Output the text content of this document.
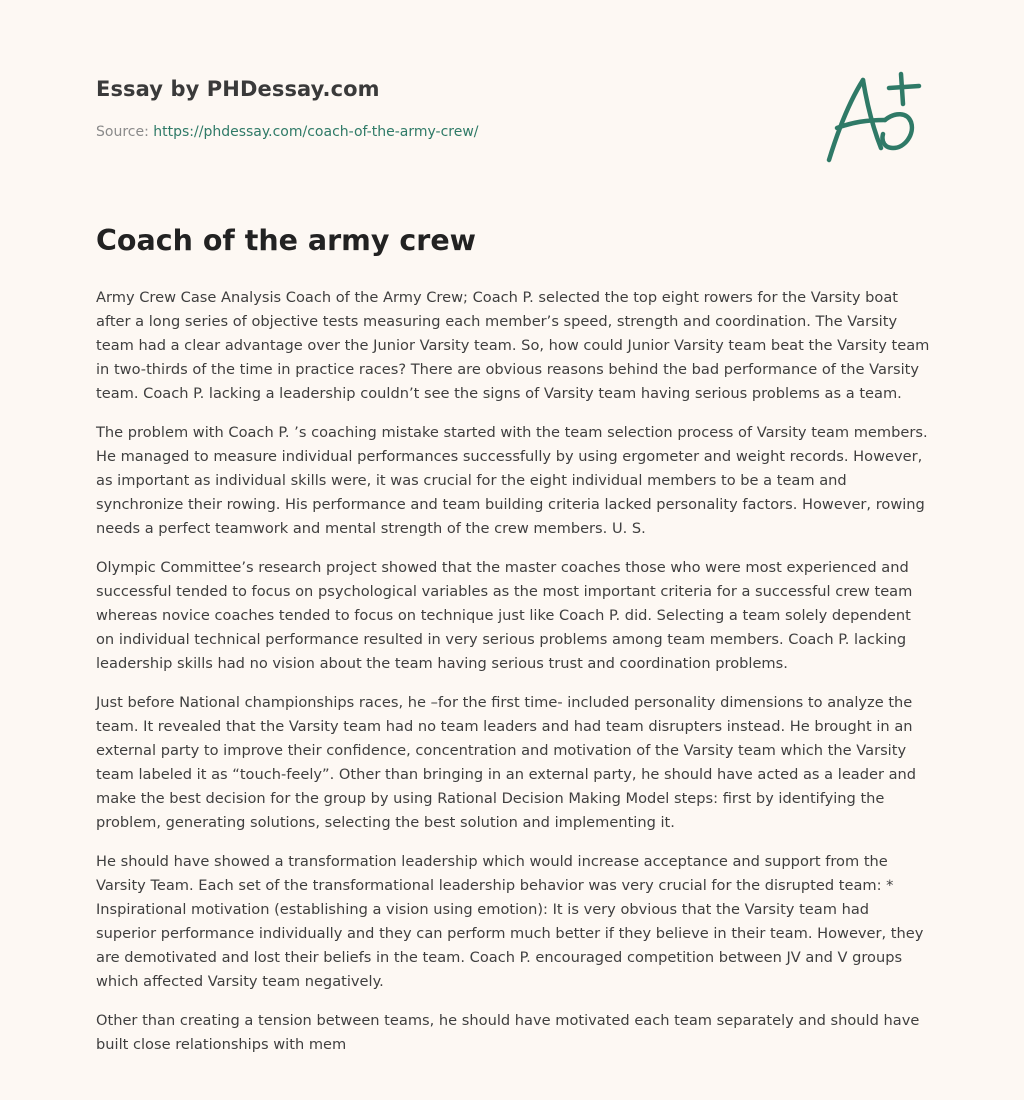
Essay by PHDessay.com
Source: https://phdessay.com/coach-of-the-army-crew/
Coach of the army crew

Army Crew Case Analysis Coach of the Army Crew; Coach P. selected the top eight rowers for the Varsity boat after a long series of objective tests measuring each member’s speed, strength and coordination. The Varsity team had a clear advantage over the Junior Varsity team. So, how could Junior Varsity team beat the Varsity team in two-thirds of the time in practice races? There are obvious reasons behind the bad performance of the Varsity team. Coach P. lacking a leadership couldn’t see the signs of Varsity team having serious problems as a team.

The problem with Coach P. ’s coaching mistake started with the team selection process of Varsity team members. He managed to measure individual performances successfully by using ergometer and weight records. However, as important as individual skills were, it was crucial for the eight individual members to be a team and synchronize their rowing. His performance and team building criteria lacked personality factors. However, rowing needs a perfect teamwork and mental strength of the crew members. U. S.

Olympic Committee’s research project showed that the master coaches those who were most experienced and successful tended to focus on psychological variables as the most important criteria for a successful crew team whereas novice coaches tended to focus on technique just like Coach P. did. Selecting a team solely dependent on individual technical performance resulted in very serious problems among team members. Coach P. lacking leadership skills had no vision about the team having serious trust and coordination problems.

Just before National championships races, he –for the first time- included personality dimensions to analyze the team. It revealed that the Varsity team had no team leaders and had team disrupters instead. He brought in an external party to improve their confidence, concentration and motivation of the Varsity team which the Varsity team labeled it as “touch-feely”. Other than bringing in an external party, he should have acted as a leader and make the best decision for the group by using Rational Decision Making Model steps: first by identifying the problem, generating solutions, selecting the best solution and implementing it.

He should have showed a transformation leadership which would increase acceptance and support from the Varsity Team. Each set of the transformational leadership behavior was very crucial for the disrupted team: * Inspirational motivation (establishing a vision using emotion): It is very obvious that the Varsity team had superior performance individually and they can perform much better if they believe in their team. However, they are demotivated and lost their beliefs in the team. Coach P. encouraged competition between JV and V groups which affected Varsity team negatively.

Other than creating a tension between teams, he should have motivated each team separately and should have built close relationships with mem
